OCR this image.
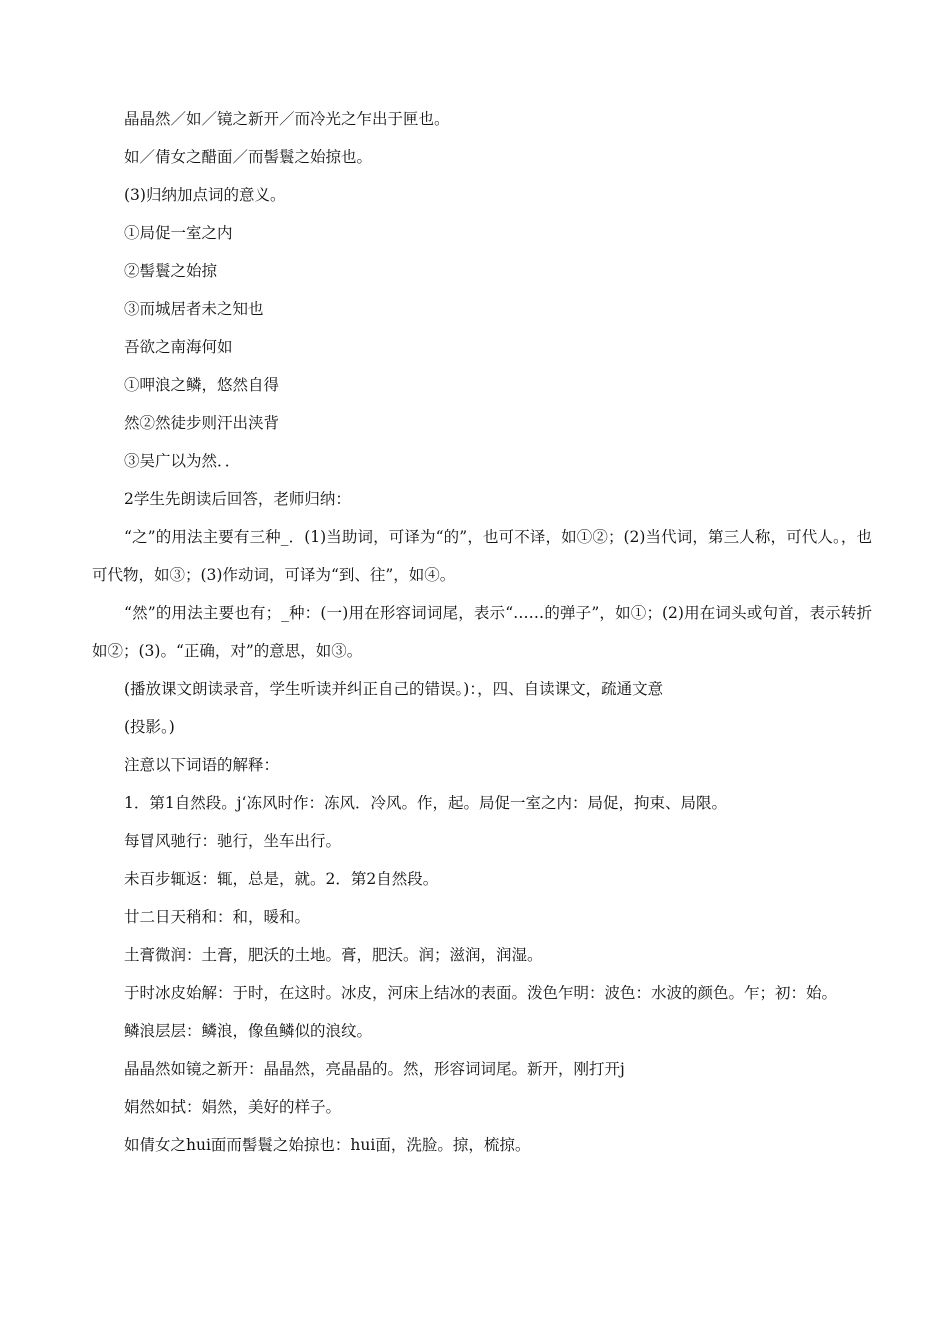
晶晶然／如／镜之新开／而冷光之乍出于匣也。

如／倩女之醋面／而髻鬟之始掠也。

(3)归纳加点词的意义。

①局促一室之内

②髻鬟之始掠

③而城居者未之知也

吾欲之南海何如

①呷浪之鳞，悠然自得

然②然徒步则汗出浃背

③吴广以为然．．

2学生先朗读后回答，老师归纳：

“之”的用法主要有三种_．(1)当助词，可译为“的”，也可不译，如①②；(2)当代词，第三人称，可代人。，也可代物，如③；(3)作动词，可译为“到、往”，如④。

“然”的用法主要也有；_种：(一)用在形容词词尾，表示“……的弹子”，如①；(2)用在词头或句首，表示转折如②；(3)。“正确，对”的意思，如③。

(播放课文朗读录音，学生听读并纠正自己的错误。)：，四、自读课文，疏通文意

(投影。)

注意以下词语的解释：

1．第1自然段。j‘冻风时作：冻风．冷风。作，起。局促一室之内：局促，拘束、局限。

每冒风驰行：驰行，坐车出行。

未百步辄返：辄，总是，就。2．第2自然段。

廿二日天稍和：和，暖和。

土膏微润：土膏，肥沃的土地。膏，肥沃。润；滋润，润湿。

于时冰皮始解：于时，在这时。冰皮，河床上结冰的表面。泼色乍明：波色：水波的颜色。乍；初：始。

鳞浪层层：鳞浪，像鱼鳞似的浪纹。

晶晶然如镜之新开：晶晶然，亮晶晶的。然，形容词词尾。新开，刚打开j

娟然如拭：娟然，美好的样子。

如倩女之hui面而髻鬟之始掠也：hui面，洗脸。掠，梳掠。
